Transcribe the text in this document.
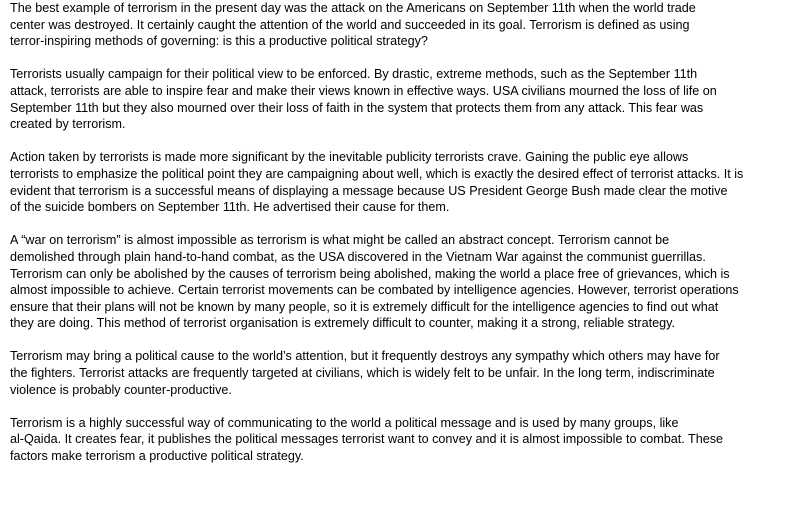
The best example of terrorism in the present day was the attack on the Americans on September 11th when the world trade
center was destroyed. It certainly caught the attention of the world and succeeded in its goal. Terrorism is defined as using
terror-inspiring methods of governing: is this a productive political strategy?

Terrorists usually campaign for their political view to be enforced. By drastic, extreme methods, such as the September 11th
attack, terrorists are able to inspire fear and make their views known in effective ways. USA civilians mourned the loss of life on
September 11th but they also mourned over their loss of faith in the system that protects them from any attack. This fear was
created by terrorism.

Action taken by terrorists is made more significant by the inevitable publicity terrorists crave. Gaining the public eye allows
terrorists to emphasize the political point they are campaigning about well, which is exactly the desired effect of terrorist attacks. It is
evident that terrorism is a successful means of displaying a message because US President George Bush made clear the motive
of the suicide bombers on September 11th. He advertised their cause for them.

A “war on terrorism” is almost impossible as terrorism is what might be called an abstract concept. Terrorism cannot be
demolished through plain hand-to-hand combat, as the USA discovered in the Vietnam War against the communist guerrillas.
Terrorism can only be abolished by the causes of terrorism being abolished, making the world a place free of grievances, which is
almost impossible to achieve. Certain terrorist movements can be combated by intelligence agencies. However, terrorist operations
ensure that their plans will not be known by many people, so it is extremely difficult for the intelligence agencies to find out what
they are doing. This method of terrorist organisation is extremely difficult to counter, making it a strong, reliable strategy.

Terrorism may bring a political cause to the world’s attention, but it frequently destroys any sympathy which others may have for
the fighters. Terrorist attacks are frequently targeted at civilians, which is widely felt to be unfair. In the long term, indiscriminate
violence is probably counter-productive.

Terrorism is a highly successful way of communicating to the world a political message and is used by many groups, like
al-Qaida. It creates fear, it publishes the political messages terrorist want to convey and it is almost impossible to combat. These
factors make terrorism a productive political strategy.
